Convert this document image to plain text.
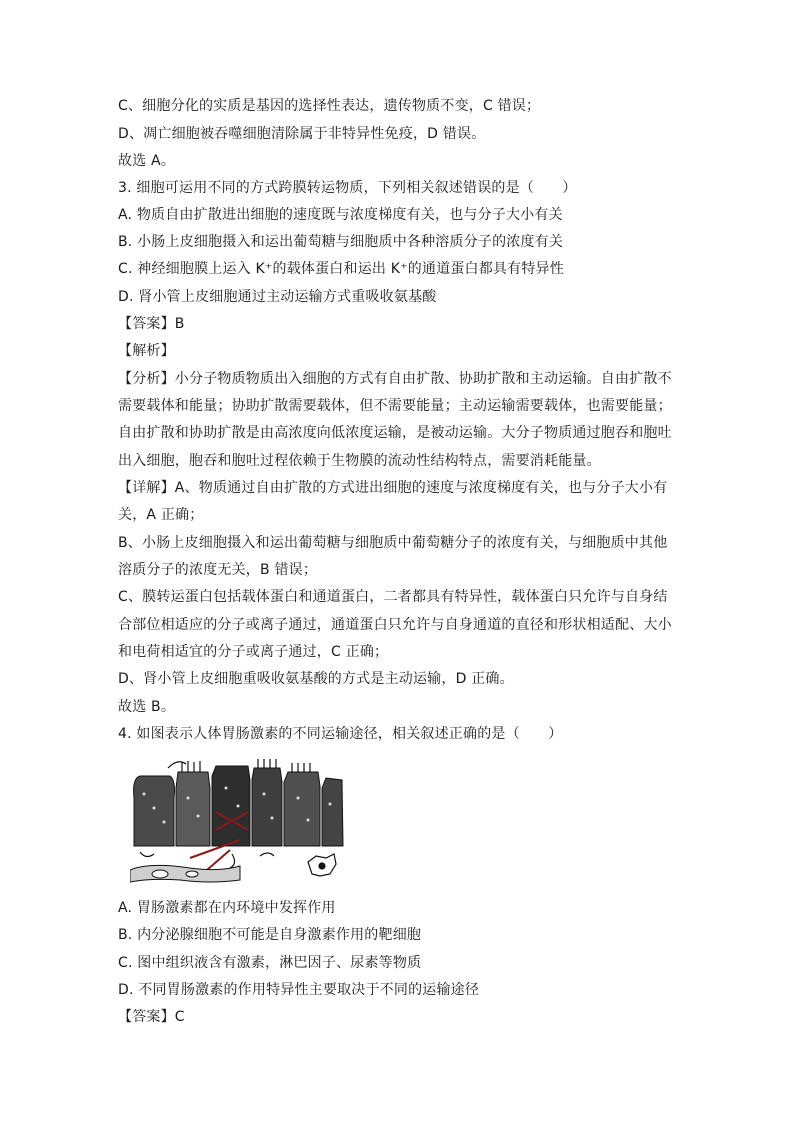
C、细胞分化的实质是基因的选择性表达，遗传物质不变，C 错误；
D、凋亡细胞被吞噬细胞清除属于非特异性免疫，D 错误。
故选 A。
3. 细胞可运用不同的方式跨膜转运物质，下列相关叙述错误的是（　　）
A. 物质自由扩散进出细胞的速度既与浓度梯度有关，也与分子大小有关
B. 小肠上皮细胞摄入和运出葡萄糖与细胞质中各种溶质分子的浓度有关
C. 神经细胞膜上运入 K⁺的载体蛋白和运出 K⁺的通道蛋白都具有特异性
D. 肾小管上皮细胞通过主动运输方式重吸收氨基酸
【答案】B
【解析】
【分析】小分子物质物质出入细胞的方式有自由扩散、协助扩散和主动运输。自由扩散不
需要载体和能量；协助扩散需要载体，但不需要能量；主动运输需要载体，也需要能量；
自由扩散和协助扩散是由高浓度向低浓度运输，是被动运输。大分子物质通过胞吞和胞吐
出入细胞，胞吞和胞吐过程依赖于生物膜的流动性结构特点，需要消耗能量。
【详解】A、物质通过自由扩散的方式进出细胞的速度与浓度梯度有关，也与分子大小有
关，A 正确；
B、小肠上皮细胞摄入和运出葡萄糖与细胞质中葡萄糖分子的浓度有关，与细胞质中其他
溶质分子的浓度无关，B 错误；
C、膜转运蛋白包括载体蛋白和通道蛋白，二者都具有特异性，载体蛋白只允许与自身结
合部位相适应的分子或离子通过，通道蛋白只允许与自身通道的直径和形状相适配、大小
和电荷相适宜的分子或离子通过，C 正确；
D、肾小管上皮细胞重吸收氨基酸的方式是主动运输，D 正确。
故选 B。
4. 如图表示人体胃肠激素的不同运输途径，相关叙述正确的是（　　）
A. 胃肠激素都在内环境中发挥作用
B. 内分泌腺细胞不可能是自身激素作用的靶细胞
C. 图中组织液含有激素，淋巴因子、尿素等物质
D. 不同胃肠激素的作用特异性主要取决于不同的运输途径
【答案】C
